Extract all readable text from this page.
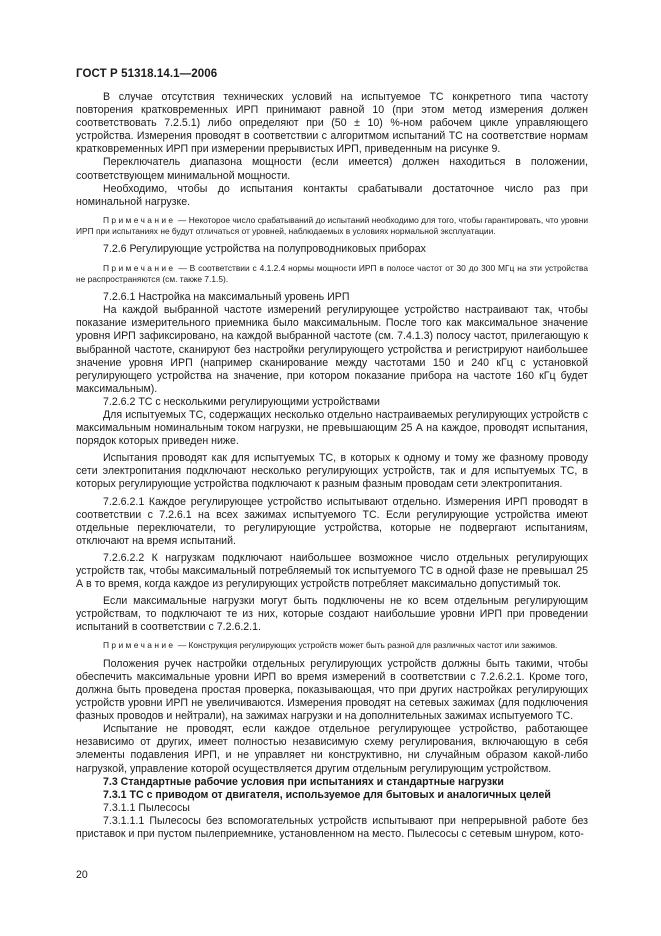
ГОСТ Р 51318.14.1—2006

В случае отсутствия технических условий на испытуемое ТС конкретного типа частоту повторения кратковременных ИРП принимают равной 10 (при этом метод измерения должен соответствовать 7.2.5.1) либо определяют при (50 ± 10) %-ном рабочем цикле управляющего устройства. Измерения проводят в соответствии с алгоритмом испытаний ТС на соответствие нормам кратковременных ИРП при измерении прерывистых ИРП, приведенным на рисунке 9.

Переключатель диапазона мощности (если имеется) должен находиться в положении, соответствующем минимальной мощности.

Необходимо, чтобы до испытания контакты срабатывали достаточное число раз при номинальной нагрузке.

Примечание — Некоторое число срабатываний до испытаний необходимо для того, чтобы гарантировать, что уровни ИРП при испытаниях не будут отличаться от уровней, наблюдаемых в условиях нормальной эксплуатации.

7.2.6 Регулирующие устройства на полупроводниковых приборах

Примечание — В соответствии с 4.1.2.4 нормы мощности ИРП в полосе частот от 30 до 300 МГц на эти устройства не распространяются (см. также 7.1.5).

7.2.6.1 Настройка на максимальный уровень ИРП

На каждой выбранной частоте измерений регулирующее устройство настраивают так, чтобы показание измерительного приемника было максимальным. После того как максимальное значение уровня ИРП зафиксировано, на каждой выбранной частоте (см. 7.4.1.3) полосу частот, прилегающую к выбранной частоте, сканируют без настройки регулирующего устройства и регистрируют наибольшее значение уровня ИРП (например сканирование между частотами 150 и 240 кГц с установкой регулирующего устройства на значение, при котором показание прибора на частоте 160 кГц будет максимальным).

7.2.6.2 ТС с несколькими регулирующими устройствами

Для испытуемых ТС, содержащих несколько отдельно настраиваемых регулирующих устройств с максимальным номинальным током нагрузки, не превышающим 25 А на каждое, проводят испытания, порядок которых приведен ниже.

Испытания проводят как для испытуемых ТС, в которых к одному и тому же фазному проводу сети электропитания подключают несколько регулирующих устройств, так и для испытуемых ТС, в которых регулирующие устройства подключают к разным фазным проводам сети электропитания.

7.2.6.2.1 Каждое регулирующее устройство испытывают отдельно. Измерения ИРП проводят в соответствии с 7.2.6.1 на всех зажимах испытуемого ТС. Если регулирующие устройства имеют отдельные переключатели, то регулирующие устройства, которые не подвергают испытаниям, отключают на время испытаний.

7.2.6.2.2 К нагрузкам подключают наибольшее возможное число отдельных регулирующих устройств так, чтобы максимальный потребляемый ток испытуемого ТС в одной фазе не превышал 25 А в то время, когда каждое из регулирующих устройств потребляет максимально допустимый ток.

Если максимальные нагрузки могут быть подключены не ко всем отдельным регулирующим устройствам, то подключают те из них, которые создают наибольшие уровни ИРП при проведении испытаний в соответствии с 7.2.6.2.1.

Примечание — Конструкция регулирующих устройств может быть разной для различных частот или зажимов.

Положения ручек настройки отдельных регулирующих устройств должны быть такими, чтобы обеспечить максимальные уровни ИРП во время измерений в соответствии с 7.2.6.2.1. Кроме того, должна быть проведена простая проверка, показывающая, что при других настройках регулирующих устройств уровни ИРП не увеличиваются. Измерения проводят на сетевых зажимах (для подключения фазных проводов и нейтрали), на зажимах нагрузки и на дополнительных зажимах испытуемого ТС.

Испытание не проводят, если каждое отдельное регулирующее устройство, работающее независимо от других, имеет полностью независимую схему регулирования, включающую в себя элементы подавления ИРП, и не управляет ни конструктивно, ни случайным образом какой-либо нагрузкой, управление которой осуществляется другим отдельным регулирующим устройством.

7.3 Стандартные рабочие условия при испытаниях и стандартные нагрузки

7.3.1 ТС с приводом от двигателя, используемое для бытовых и аналогичных целей

7.3.1.1 Пылесосы

7.3.1.1.1 Пылесосы без вспомогательных устройств испытывают при непрерывной работе без приставок и при пустом пылеприемнике, установленном на место. Пылесосы с сетевым шнуром, кото-

20
